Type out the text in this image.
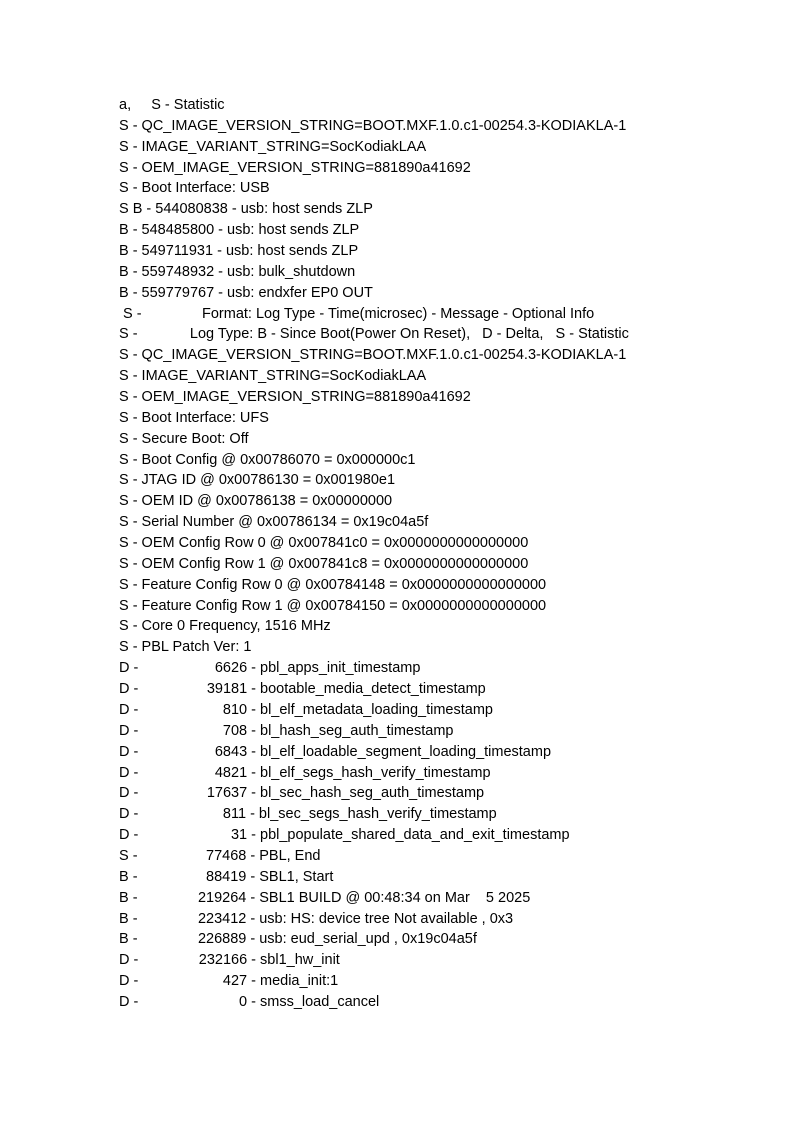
a,     S - Statistic
S - QC_IMAGE_VERSION_STRING=BOOT.MXF.1.0.c1-00254.3-KODIAKLA-1
S - IMAGE_VARIANT_STRING=SocKodiakLAA
S - OEM_IMAGE_VERSION_STRING=881890a41692
S - Boot Interface: USB
S B - 544080838 - usb: host sends ZLP
B - 548485800 - usb: host sends ZLP
B - 549711931 - usb: host sends ZLP
B - 559748932 - usb: bulk_shutdown
B - 559779767 - usb: endxfer EP0 OUT
S -               Format: Log Type - Time(microsec) - Message - Optional Info
S -             Log Type: B - Since Boot(Power On Reset),   D - Delta,   S - Statistic
S - QC_IMAGE_VERSION_STRING=BOOT.MXF.1.0.c1-00254.3-KODIAKLA-1
S - IMAGE_VARIANT_STRING=SocKodiakLAA
S - OEM_IMAGE_VERSION_STRING=881890a41692
S - Boot Interface: UFS
S - Secure Boot: Off
S - Boot Config @ 0x00786070 = 0x000000c1
S - JTAG ID @ 0x00786130 = 0x001980e1
S - OEM ID @ 0x00786138 = 0x00000000
S - Serial Number @ 0x00786134 = 0x19c04a5f
S - OEM Config Row 0 @ 0x007841c0 = 0x0000000000000000
S - OEM Config Row 1 @ 0x007841c8 = 0x0000000000000000
S - Feature Config Row 0 @ 0x00784148 = 0x0000000000000000
S - Feature Config Row 1 @ 0x00784150 = 0x0000000000000000
S - Core 0 Frequency, 1516 MHz
S - PBL Patch Ver: 1
D -                   6626 - pbl_apps_init_timestamp
D -                 39181 - bootable_media_detect_timestamp
D -                     810 - bl_elf_metadata_loading_timestamp
D -                     708 - bl_hash_seg_auth_timestamp
D -                   6843 - bl_elf_loadable_segment_loading_timestamp
D -                   4821 - bl_elf_segs_hash_verify_timestamp
D -                 17637 - bl_sec_hash_seg_auth_timestamp
D -                     811 - bl_sec_segs_hash_verify_timestamp
D -                       31 - pbl_populate_shared_data_and_exit_timestamp
S -                 77468 - PBL, End
B -                 88419 - SBL1, Start
B -               219264 - SBL1 BUILD @ 00:48:34 on Mar    5 2025
B -               223412 - usb: HS: device tree Not available , 0x3
B -               226889 - usb: eud_serial_upd , 0x19c04a5f
D -               232166 - sbl1_hw_init
D -                     427 - media_init:1
D -                         0 - smss_load_cancel
